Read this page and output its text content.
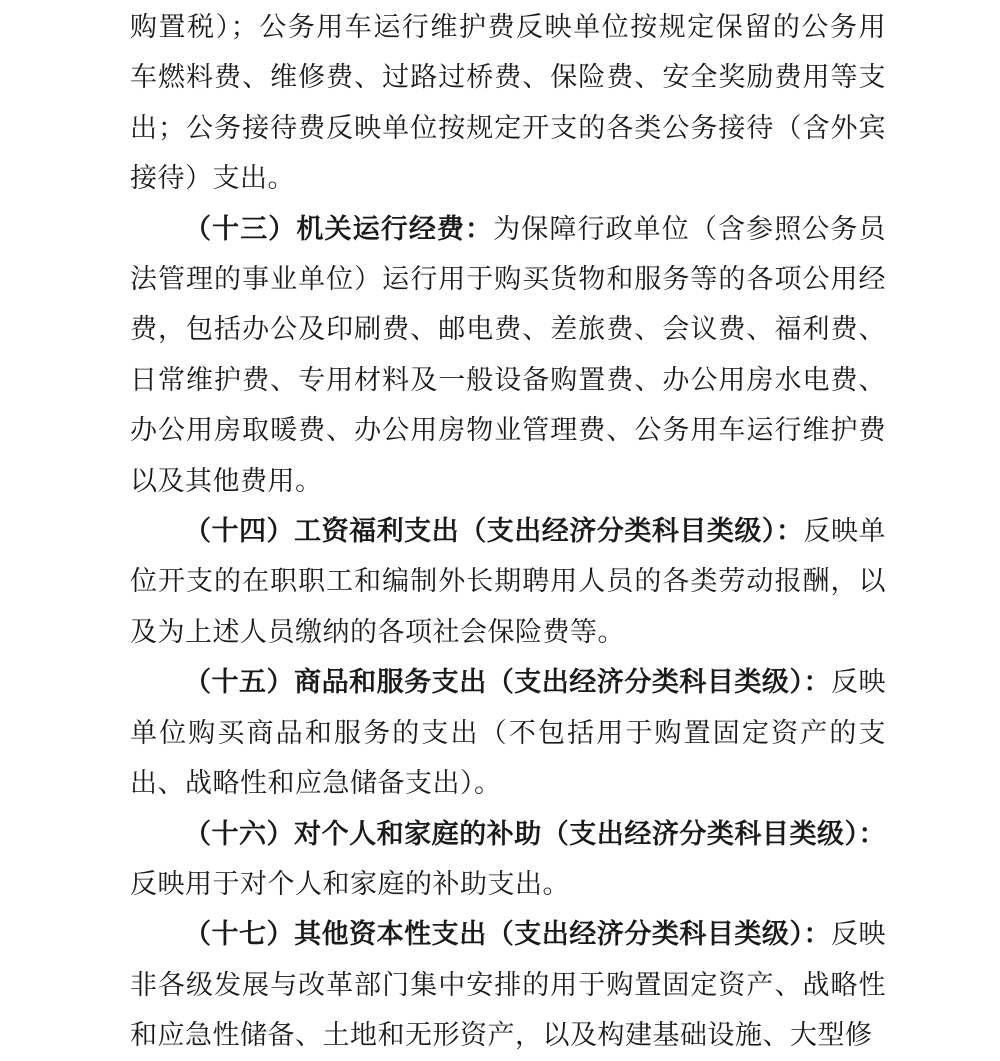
购置税）；公务用车运行维护费反映单位按规定保留的公务用车燃料费、维修费、过路过桥费、保险费、安全奖励费用等支出；公务接待费反映单位按规定开支的各类公务接待（含外宾接待）支出。

（十三）机关运行经费：为保障行政单位（含参照公务员法管理的事业单位）运行用于购买货物和服务等的各项公用经费，包括办公及印刷费、邮电费、差旅费、会议费、福利费、日常维护费、专用材料及一般设备购置费、办公用房水电费、办公用房取暖费、办公用房物业管理费、公务用车运行维护费以及其他费用。

（十四）工资福利支出（支出经济分类科目类级）：反映单位开支的在职职工和编制外长期聘用人员的各类劳动报酬，以及为上述人员缴纳的各项社会保险费等。

（十五）商品和服务支出（支出经济分类科目类级）：反映单位购买商品和服务的支出（不包括用于购置固定资产的支出、战略性和应急储备支出）。

（十六）对个人和家庭的补助（支出经济分类科目类级）：反映用于对个人和家庭的补助支出。

（十七）其他资本性支出（支出经济分类科目类级）：反映非各级发展与改革部门集中安排的用于购置固定资产、战略性和应急性储备、土地和无形资产，以及构建基础设施、大型修
